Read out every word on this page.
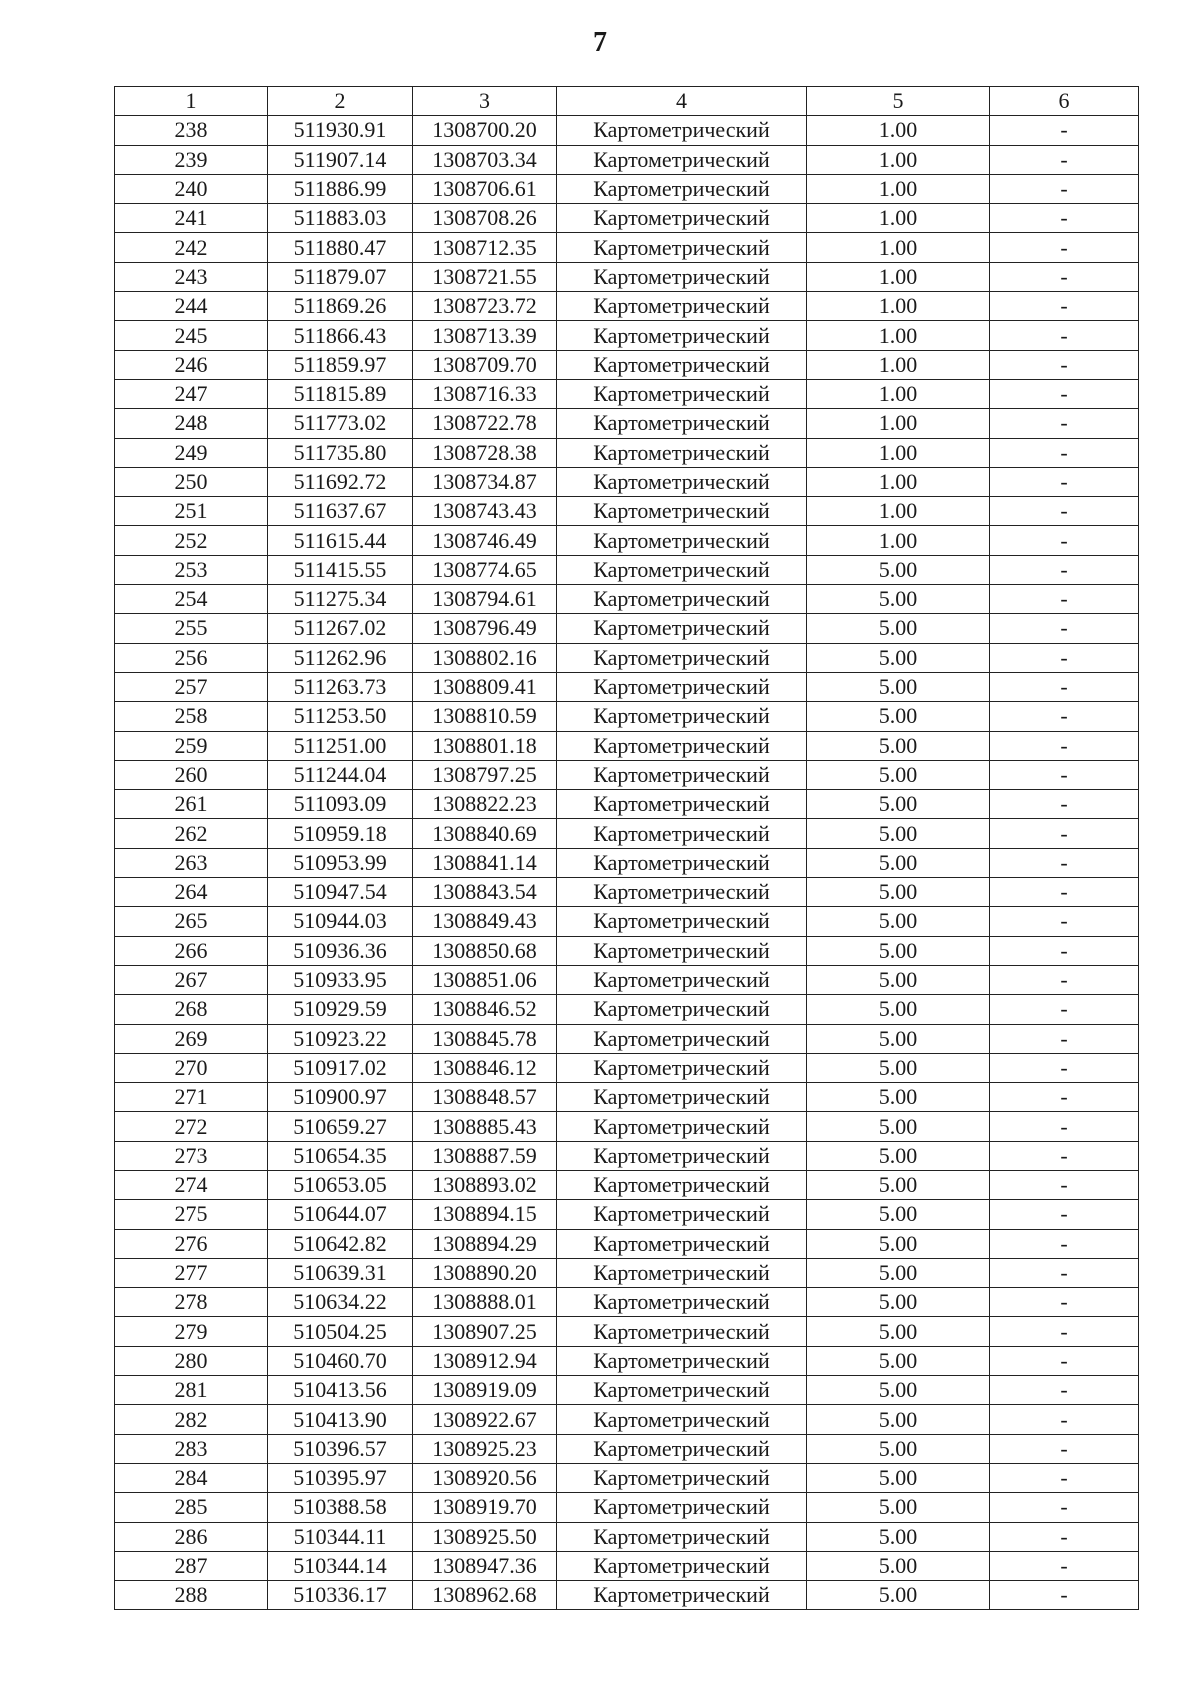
7
1	2	3	4	5	6
238	511930.91	1308700.20	Картометрический	1.00	-
239	511907.14	1308703.34	Картометрический	1.00	-
240	511886.99	1308706.61	Картометрический	1.00	-
241	511883.03	1308708.26	Картометрический	1.00	-
242	511880.47	1308712.35	Картометрический	1.00	-
243	511879.07	1308721.55	Картометрический	1.00	-
244	511869.26	1308723.72	Картометрический	1.00	-
245	511866.43	1308713.39	Картометрический	1.00	-
246	511859.97	1308709.70	Картометрический	1.00	-
247	511815.89	1308716.33	Картометрический	1.00	-
248	511773.02	1308722.78	Картометрический	1.00	-
249	511735.80	1308728.38	Картометрический	1.00	-
250	511692.72	1308734.87	Картометрический	1.00	-
251	511637.67	1308743.43	Картометрический	1.00	-
252	511615.44	1308746.49	Картометрический	1.00	-
253	511415.55	1308774.65	Картометрический	5.00	-
254	511275.34	1308794.61	Картометрический	5.00	-
255	511267.02	1308796.49	Картометрический	5.00	-
256	511262.96	1308802.16	Картометрический	5.00	-
257	511263.73	1308809.41	Картометрический	5.00	-
258	511253.50	1308810.59	Картометрический	5.00	-
259	511251.00	1308801.18	Картометрический	5.00	-
260	511244.04	1308797.25	Картометрический	5.00	-
261	511093.09	1308822.23	Картометрический	5.00	-
262	510959.18	1308840.69	Картометрический	5.00	-
263	510953.99	1308841.14	Картометрический	5.00	-
264	510947.54	1308843.54	Картометрический	5.00	-
265	510944.03	1308849.43	Картометрический	5.00	-
266	510936.36	1308850.68	Картометрический	5.00	-
267	510933.95	1308851.06	Картометрический	5.00	-
268	510929.59	1308846.52	Картометрический	5.00	-
269	510923.22	1308845.78	Картометрический	5.00	-
270	510917.02	1308846.12	Картометрический	5.00	-
271	510900.97	1308848.57	Картометрический	5.00	-
272	510659.27	1308885.43	Картометрический	5.00	-
273	510654.35	1308887.59	Картометрический	5.00	-
274	510653.05	1308893.02	Картометрический	5.00	-
275	510644.07	1308894.15	Картометрический	5.00	-
276	510642.82	1308894.29	Картометрический	5.00	-
277	510639.31	1308890.20	Картометрический	5.00	-
278	510634.22	1308888.01	Картометрический	5.00	-
279	510504.25	1308907.25	Картометрический	5.00	-
280	510460.70	1308912.94	Картометрический	5.00	-
281	510413.56	1308919.09	Картометрический	5.00	-
282	510413.90	1308922.67	Картометрический	5.00	-
283	510396.57	1308925.23	Картометрический	5.00	-
284	510395.97	1308920.56	Картометрический	5.00	-
285	510388.58	1308919.70	Картометрический	5.00	-
286	510344.11	1308925.50	Картометрический	5.00	-
287	510344.14	1308947.36	Картометрический	5.00	-
288	510336.17	1308962.68	Картометрический	5.00	-
